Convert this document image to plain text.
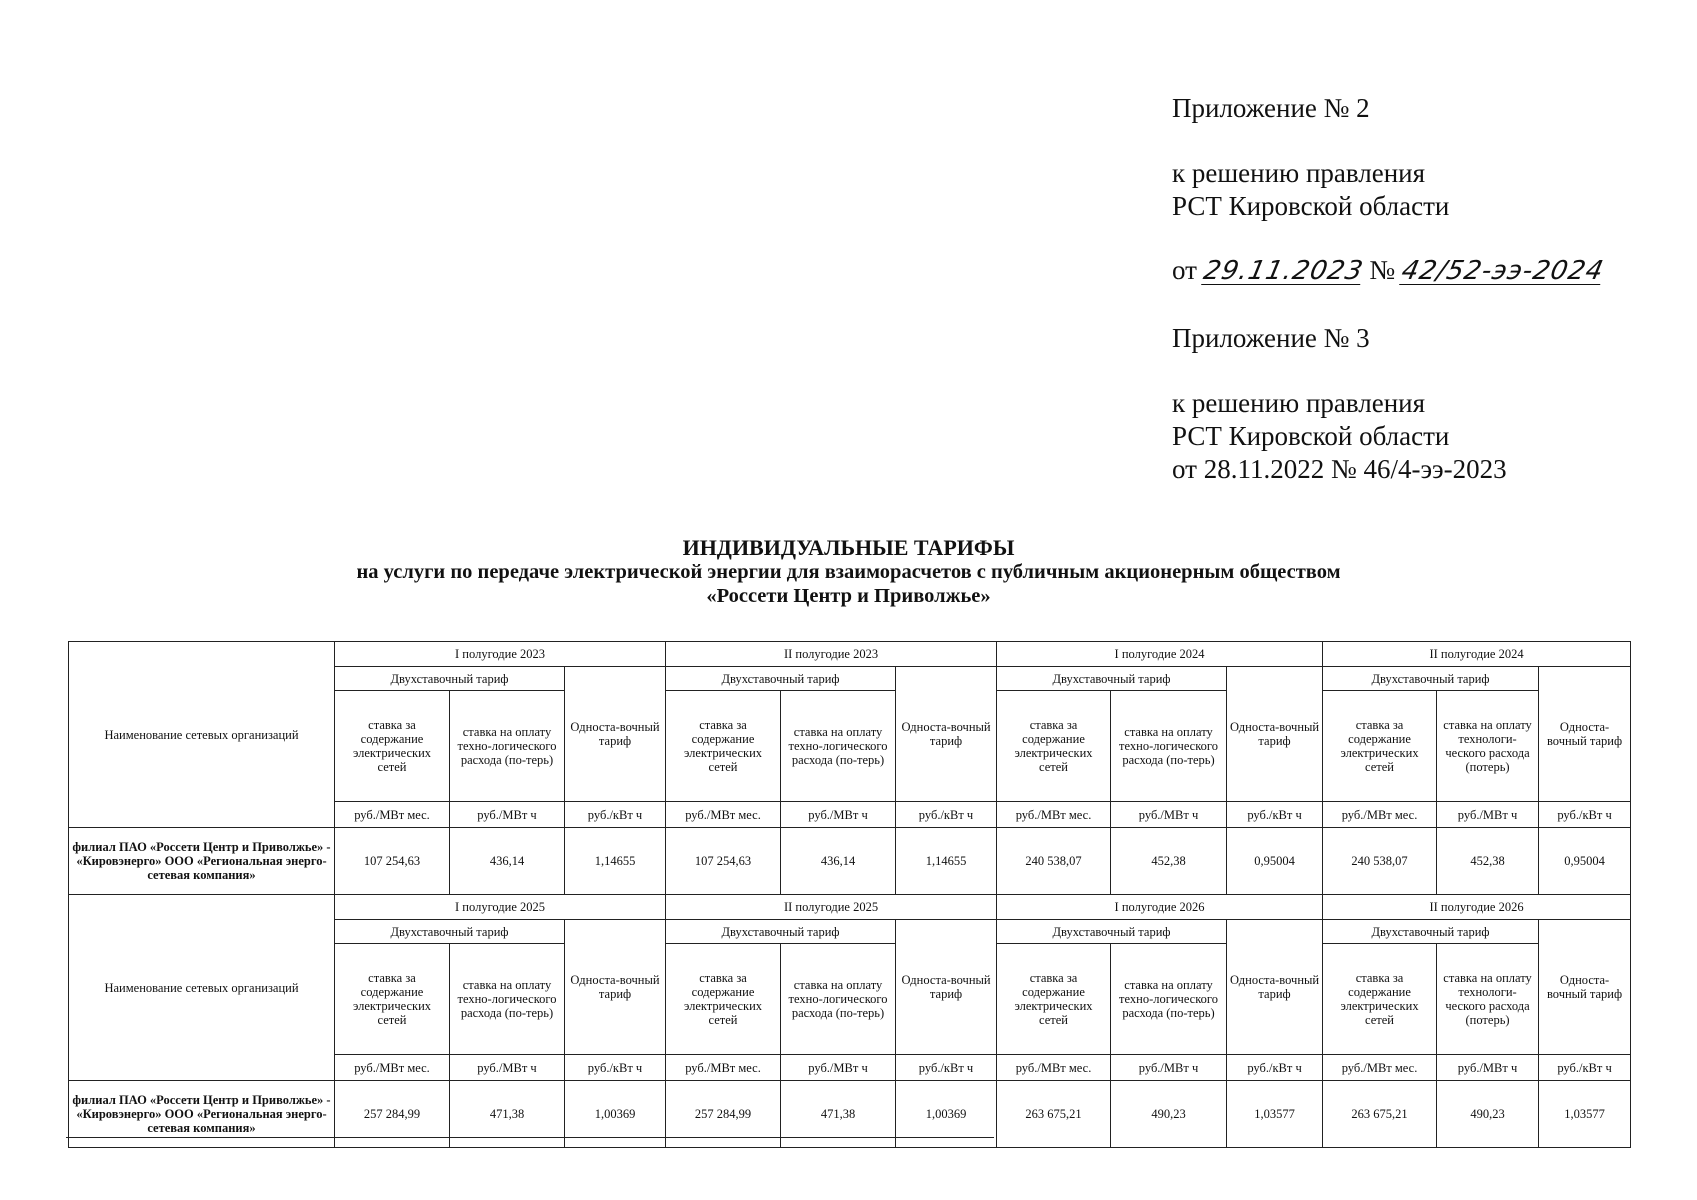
Приложение № 2
к решению правления
РСТ Кировской области
от 29.11.2023 № 42/52-ээ-2024
Приложение № 3
к решению правления
РСТ Кировской области
от 28.11.2022 № 46/4-ээ-2023
ИНДИВИДУАЛЬНЫЕ ТАРИФЫ
на услуги по передаче электрической энергии для взаиморасчетов с публичным акционерным обществом
«Россети Центр и Приволжье»
Наименование сетевых организаций	I полугодие 2023			II полугодие 2023			I полугодие 2024			II полугодие 2024		
	Двухставочный тариф		Односта-вочный тариф	Двухставочный тариф		Односта-вочный тариф	Двухставочный тариф		Односта-вочный тариф	Двухставочный тариф		Односта-вочный тариф
	ставка за содержание электрических сетей	ставка на оплату техно-логического расхода (по-терь)		ставка за содержание электрических сетей	ставка на оплату техно-логического расхода (по-терь)		ставка за содержание электрических сетей	ставка на оплату техно-логического расхода (по-терь)		ставка за содержание электрических сетей	ставка на оплату технологи-ческого расхода (потерь)	
	руб./МВт мес.	руб./МВт ч	руб./кВт ч	руб./МВт мес.	руб./МВт ч	руб./кВт ч	руб./МВт мес.	руб./МВт ч	руб./кВт ч	руб./МВт мес.	руб./МВт ч	руб./кВт ч
филиал ПАО «Россети Центр и Приволжье» - «Кировэнерго» ООО «Региональная энерго-сетевая компания»	107 254,63	436,14	1,14655	107 254,63	436,14	1,14655	240 538,07	452,38	0,95004	240 538,07	452,38	0,95004
Наименование сетевых организаций	I полугодие 2025			II полугодие 2025			I полугодие 2026			II полугодие 2026		
	Двухставочный тариф		Односта-вочный тариф	Двухставочный тариф		Односта-вочный тариф	Двухставочный тариф		Односта-вочный тариф	Двухставочный тариф		Односта-вочный тариф
	ставка за содержание электрических сетей	ставка на оплату техно-логического расхода (по-терь)		ставка за содержание электрических сетей	ставка на оплату техно-логического расхода (по-терь)		ставка за содержание электрических сетей	ставка на оплату техно-логического расхода (по-терь)		ставка за содержание электрических сетей	ставка на оплату технологи-ческого расхода (потерь)	
	руб./МВт мес.	руб./МВт ч	руб./кВт ч	руб./МВт мес.	руб./МВт ч	руб./кВт ч	руб./МВт мес.	руб./МВт ч	руб./кВт ч	руб./МВт мес.	руб./МВт ч	руб./кВт ч
филиал ПАО «Россети Центр и Приволжье» - «Кировэнерго» ООО «Региональная энерго-сетевая компания»	257 284,99	471,38	1,00369	257 284,99	471,38	1,00369	263 675,21	490,23	1,03577	263 675,21	490,23	1,03577
